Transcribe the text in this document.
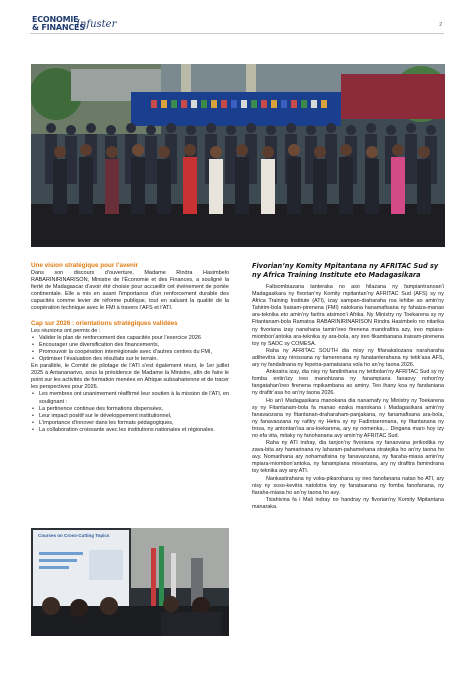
ECONOMIE
& FINANCES
Infuster	2

Une vision stratégique pour l’avenir

Dans son discours d’ouverture, Madame Rindra Hasimbelo RABARINIRINARISON, Ministre de l’Économie et des Finances, a souligné la fierté de Madagascar d’avoir été choisie pour accueillir cet événement de portée continentale. Elle a mis en avant l’importance d’un renforcement durable des capacités comme levier de réforme publique, tout en saluant la qualité de la coopération technique avec le FMI à travers l’AFS et l’ATI.

Cap sur 2026 : orientations stratégiques validées

Les réunions ont permis de :

• Valider le plan de renforcement des capacités pour l’exercice 2026
• Encourager une diversification des financements,
• Promouvoir la coopération interrégionale avec d’autres centres du FMI,
• Optimiser l’évaluation des résultats sur le terrain.

En parallèle, le Comité de pilotage de l’ATI s’est également réuni, le 1er juillet 2025 à Antananarivo, sous la présidence de Madame la Ministre, afin de faire le point sur les activités de formation menées en Afrique subsaharienne et de tracer les perspectives pour 2026.

• Les membres ont unanimement réaffirmé leur soutien à la mission de l’ATI, en soulignant :
• La pertinence continue des formations dispensées,
• Leur impact positif sur le développement institutionnel,
• L’importance d’innover dans les formats pédagogiques,
• La collaboration croissante avec les institutions nationales et régionales.
Courses on Cross-Cutting Topics

Fivorian’ny Komity Mpitantana ny AFRITAC Sud sy ny Africa Training Institute eto Madagasikara

Faltsombiazana tanteraka no aso hilazana ny fampiantranoan’i Madagasikara ny fivorian’ny Komity mpitantan’ny AFRITAC Sud (AFS) sy ny Africa Training Institute (ATI), izay sampan-draharaha roa lehibe ao amin’ny Tahirim-bola Iraisam-pirenena (FMI) natokana hanamafisana ny fahaiza-manao ara-teknika eto amin’ny faritra atsimon’i Afrika. Ny Ministry ny Toekarena sy ny Fitantanam-bola Ramatoa RABARINIRINARISON Rindra Hasimbelo no nitarika ny fivoriana izay nanehana tamin’ireo firenena mandrafitra azy, ireo mpiara-miombon’antoka ara-teknika sy ara-bola, ary ireo fikambanana iraisam-pirenena toy ny SADC sy COMESA.

Raha ny AFRITAC SOUTH dia misy ny fifanakalozana naraharaha adihevitra izay nirosoana ny famerenana ny fanatanterahana ny tetik’asa AFS, ary ny fandalinana ny fepetra-pamatsiana vola ho an’ny taona 2026.

Ankoatra izay, dia nisy ny fandinihana ny tetibolan’ny AFRITAC Sud sy ny fomba entin’izy ireo manohizana ny fanampiana fanaovy nohon’ny fangatahan’ireo firenena mpikambana ao aminy. Teo ihany koa ny fandaniana ny drafitr’asa ho an’ny taona 2026.

Ho an’i Madagasikara manokana dia nanamafy ny Ministry ny Toekarena sy ny Fitantanam-bola fa manao ezaka manokana i Madagasikara amin’ny fanavaozana ny fitantanan-draharaham-panjakana, ny fanamafisana ara-bola, ny fanavaozana ny rafitry ny Hetra sy ny Fadintserenana, ny fitantanana ny trosa, ny antontan’isa ara-toekarena, ary ny nomenka,... Dingana maro hoy izy no efa vita, mitaky ny fanohanana avy amin’ny AFRITAC Sud.

Raha ny ATI indray, dia tanjon’ny fivoriana ny fanaovana jerikodika ny zava-bita ary hamarinana ny laharam-pahamehana stratejika ho an’ny taona ho avy. Nomarihana ary nohamafisina ny fanavaozana, ny fiaraha-miasa amin’ny mpiara-miombon’antoka, ny fanampiana mivantana, ary ny drafitra famindrana tsy teknika avy any ATI.

Nankasitrahana ny voka-pikarohana sy ireo fanofanana natao ho ATI, ary nisy ny soso-kevitra natolotra toy ny fanatsarana ny fomba fanofanana, ny fiaraha-miasa ho an’ny taona ho avy.

Tsiahivina fa i Mali indray no handray ny fivorian’ny Komity Mpitantana manaraka.
